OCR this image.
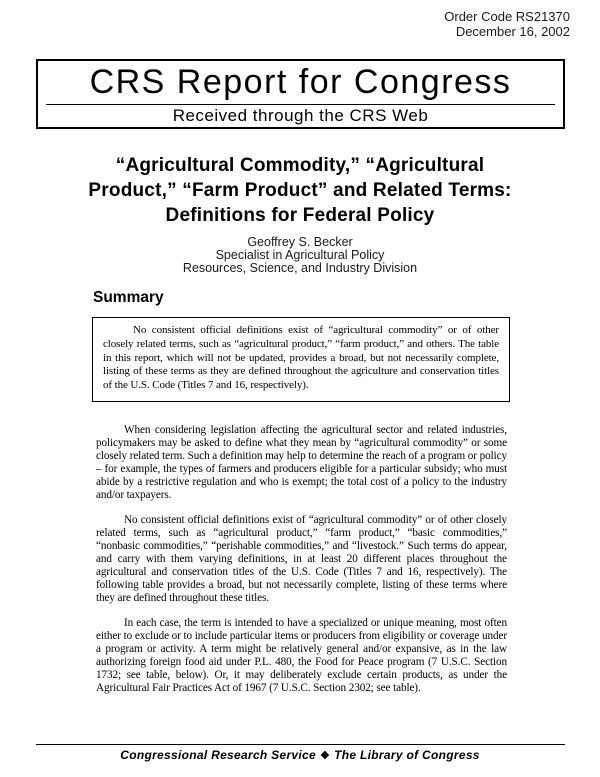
Order Code RS21370
December 16, 2002
CRS Report for Congress
Received through the CRS Web
“Agricultural Commodity,” “Agricultural
Product,” “Farm Product” and Related Terms:
Definitions for Federal Policy
Geoffrey S. Becker
Specialist in Agricultural Policy
Resources, Science, and Industry Division
Summary

No consistent official definitions exist of “agricultural commodity” or of other closely related terms, such as “agricultural product,” “farm product,” and others. The table in this report, which will not be updated, provides a broad, but not necessarily complete, listing of these terms as they are defined throughout the agriculture and conservation titles of the U.S. Code (Titles 7 and 16, respectively).

When considering legislation affecting the agricultural sector and related industries, policymakers may be asked to define what they mean by “agricultural commodity” or some closely related term. Such a definition may help to determine the reach of a program or policy – for example, the types of farmers and producers eligible for a particular subsidy; who must abide by a restrictive regulation and who is exempt; the total cost of a policy to the industry and/or taxpayers.

No consistent official definitions exist of “agricultural commodity” or of other closely related terms, such as “agricultural product,” “farm product,” “basic commodities,” “nonbasic commodities,” “perishable commodities,” and “livestock.” Such terms do appear, and carry with them varying definitions, in at least 20 different places throughout the agricultural and conservation titles of the U.S. Code (Titles 7 and 16, respectively). The following table provides a broad, but not necessarily complete, listing of these terms where they are defined throughout these titles.

In each case, the term is intended to have a specialized or unique meaning, most often either to exclude or to include particular items or producers from eligibility or coverage under a program or activity. A term might be relatively general and/or expansive, as in the law authorizing foreign food aid under P.L. 480, the Food for Peace program (7 U.S.C. Section 1732; see table, below). Or, it may deliberately exclude certain products, as under the Agricultural Fair Practices Act of 1967 (7 U.S.C. Section 2302; see table).

Congressional Research Service ❖ The Library of Congress
